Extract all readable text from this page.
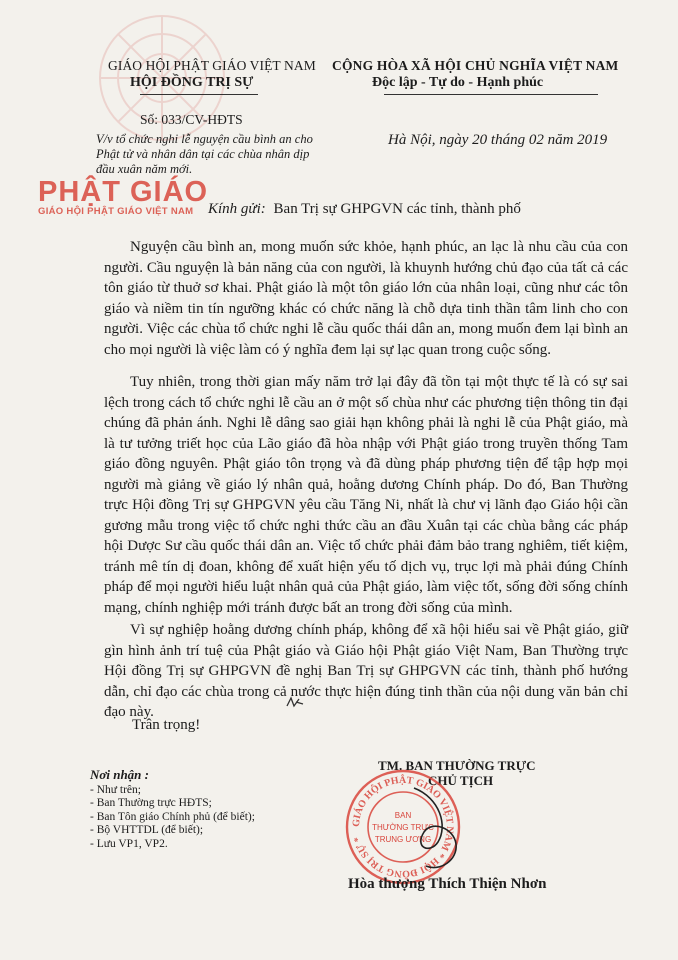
GIÁO HỘI PHẬT GIÁO VIỆT NAM
HỘI ĐỒNG TRỊ SỰ
Số: 033/CV-HĐTS
V/v tổ chức nghi lễ nguyện cầu bình an cho Phật tử và nhân dân tại các chùa nhân dịp đầu xuân năm mới.
CỘNG HÒA XÃ HỘI CHỦ NGHĨA VIỆT NAM
Độc lập - Tự do - Hạnh phúc
Hà Nội, ngày 20 tháng 02 năm 2019
PHẬT GIÁO
GIÁO HỘI PHẬT GIÁO VIỆT NAM Kính gửi: Ban Trị sự GHPGVN các tỉnh, thành phố
Nguyện cầu bình an, mong muốn sức khỏe, hạnh phúc, an lạc là nhu cầu của con người. Cầu nguyện là bản năng của con người, là khuynh hướng chủ đạo của tất cả các tôn giáo từ thuở sơ khai. Phật giáo là một tôn giáo lớn của nhân loại, cũng như các tôn giáo và niềm tin tín ngưỡng khác có chức năng là chỗ dựa tinh thần tâm linh cho con người. Việc các chùa tổ chức nghi lễ cầu quốc thái dân an, mong muốn đem lại bình an cho mọi người là việc làm có ý nghĩa đem lại sự lạc quan trong cuộc sống.
Tuy nhiên, trong thời gian mấy năm trở lại đây đã tồn tại một thực tế là có sự sai lệch trong cách tổ chức nghi lễ cầu an ở một số chùa như các phương tiện thông tin đại chúng đã phản ánh. Nghi lễ dâng sao giải hạn không phải là nghi lễ của Phật giáo, mà là tư tưởng triết học của Lão giáo đã hòa nhập với Phật giáo trong truyền thống Tam giáo đồng nguyên. Phật giáo tôn trọng và đã dùng pháp phương tiện để tập hợp mọi người mà giảng về giáo lý nhân quả, hoằng dương Chính pháp. Do đó, Ban Thường trực Hội đồng Trị sự GHPGVN yêu cầu Tăng Ni, nhất là chư vị lãnh đạo Giáo hội cần gương mẫu trong việc tổ chức nghi thức cầu an đầu Xuân tại các chùa bằng các pháp hội Dược Sư cầu quốc thái dân an. Việc tổ chức phải đảm bảo trang nghiêm, tiết kiệm, tránh mê tín dị đoan, không để xuất hiện yếu tố dịch vụ, trục lợi mà phải đúng Chính pháp để mọi người hiểu luật nhân quả của Phật giáo, làm việc tốt, sống đời sống chính mạng, chính nghiệp mới tránh được bất an trong đời sống của mình.
Vì sự nghiệp hoằng dương chính pháp, không để xã hội hiểu sai về Phật giáo, giữ gìn hình ảnh trí tuệ của Phật giáo và Giáo hội Phật giáo Việt Nam, Ban Thường trực Hội đồng Trị sự GHPGVN đề nghị Ban Trị sự GHPGVN các tỉnh, thành phố hướng dẫn, chỉ đạo các chùa trong cả nước thực hiện đúng tinh thần của nội dung văn bản chỉ đạo này.
Trân trọng!
Nơi nhận :
- Như trên;
- Ban Thường trực HĐTS;
- Ban Tôn giáo Chính phủ (để biết);
- Bộ VHTTDL (để biết);
- Lưu VP1, VP2.
TM. BAN THƯỜNG TRỰC
CHỦ TỊCH
GIÁO HỘI PHẬT GIÁO VIỆT NAM * HỘI ĐỒNG TRỊ SỰ *
BAN
THƯỜNG TRỰC
TRUNG ƯƠNG
Hòa thượng Thích Thiện Nhơn
